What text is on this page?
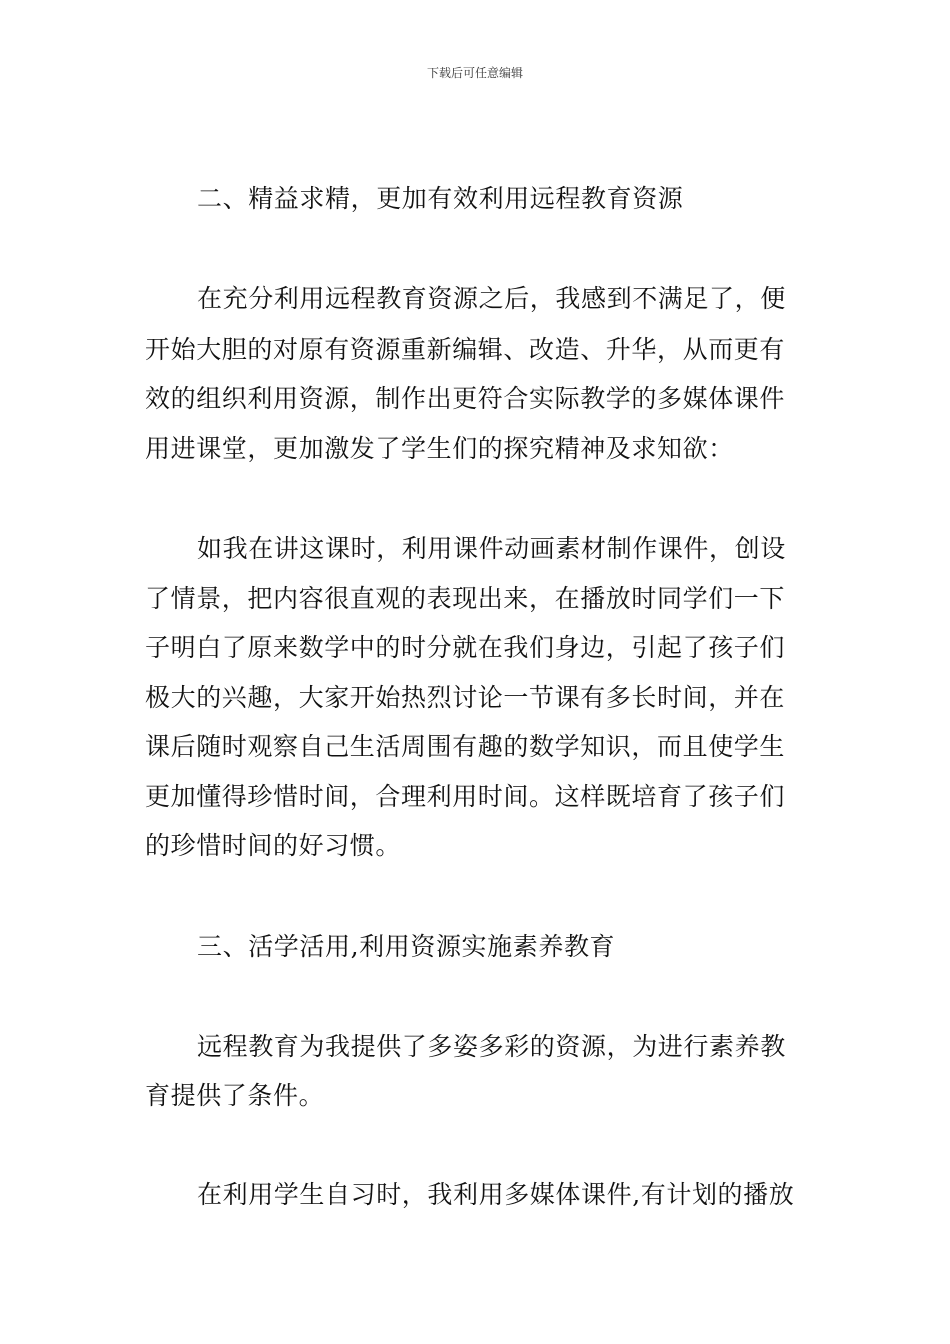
下载后可任意编辑
二、精益求精，更加有效利用远程教育资源
在充分利用远程教育资源之后，我感到不满足了，便
开始大胆的对原有资源重新编辑、改造、升华，从而更有
效的组织利用资源，制作出更符合实际教学的多媒体课件
用进课堂，更加激发了学生们的探究精神及求知欲：
如我在讲这课时，利用课件动画素材制作课件，创设
了情景，把内容很直观的表现出来，在播放时同学们一下
子明白了原来数学中的时分就在我们身边，引起了孩子们
极大的兴趣，大家开始热烈讨论一节课有多长时间，并在
课后随时观察自己生活周围有趣的数学知识，而且使学生
更加懂得珍惜时间，合理利用时间。这样既培育了孩子们
的珍惜时间的好习惯。
三、活学活用,利用资源实施素养教育
远程教育为我提供了多姿多彩的资源，为进行素养教
育提供了条件。
在利用学生自习时，我利用多媒体课件,有计划的播放
